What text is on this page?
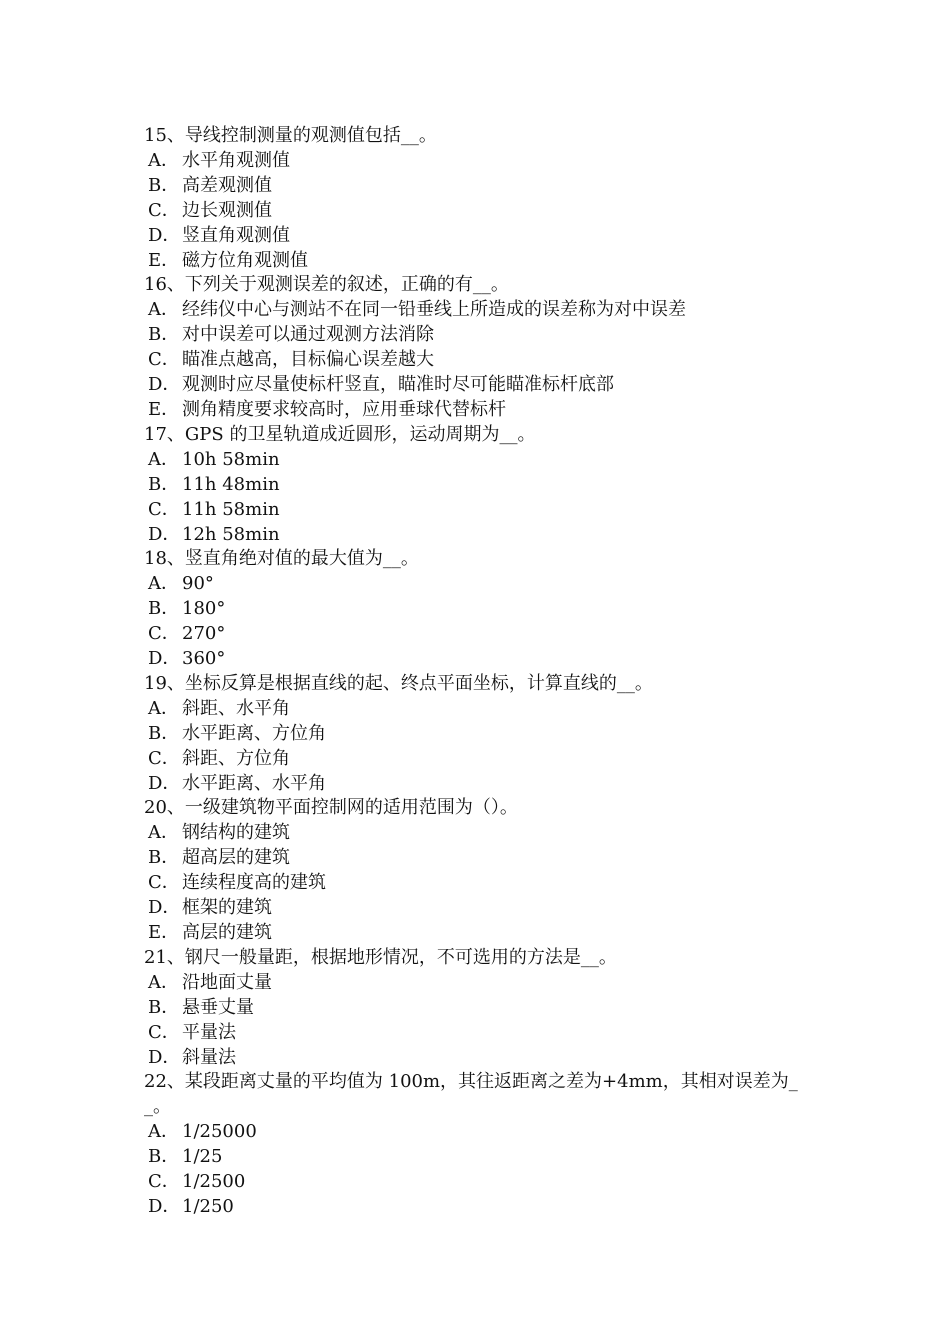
15、导线控制测量的观测值包括__。
A． 水平角观测值
B． 高差观测值
C． 边长观测值
D．竖直角观测值
E． 磁方位角观测值
16、下列关于观测误差的叙述，正确的有__。
A． 经纬仪中心与测站不在同一铅垂线上所造成的误差称为对中误差
B． 对中误差可以通过观测方法消除
C． 瞄准点越高，目标偏心误差越大
D．观测时应尽量使标杆竖直，瞄准时尽可能瞄准标杆底部
E． 测角精度要求较高时，应用垂球代替标杆
17、GPS 的卫星轨道成近圆形，运动周期为__。
A． 10h 58min
B． 11h 48min
C． 11h 58min
D．12h 58min
18、竖直角绝对值的最大值为__。
A． 90°
B． 180°
C． 270°
D．360°
19、坐标反算是根据直线的起、终点平面坐标，计算直线的__。
A． 斜距、水平角
B． 水平距离、方位角
C． 斜距、方位角
D．水平距离、水平角
20、一级建筑物平面控制网的适用范围为（）。
A． 钢结构的建筑
B． 超高层的建筑
C． 连续程度高的建筑
D．框架的建筑
E． 高层的建筑
21、钢尺一般量距，根据地形情况，不可选用的方法是__。
A． 沿地面丈量
B． 悬垂丈量
C． 平量法
D．斜量法
22、某段距离丈量的平均值为 100m，其往返距离之差为+4mm，其相对误差为__。
A． 1/25000
B． 1/25
C． 1/2500
D．1/250
